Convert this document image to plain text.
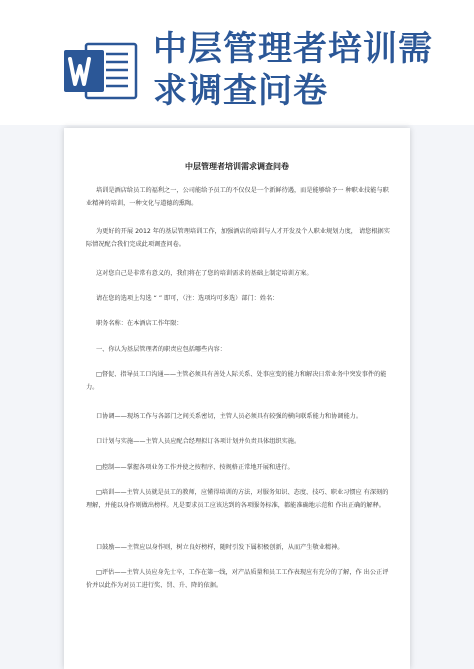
中层管理者培训需
求调查问卷
中层管理者培训需求调查问卷
培训是酒店给员工的福利之一，公司能给予员工的不仅仅是一个新鲜待遇，而是能够给予一 种职业技能与职业精神的培训，一种文化与道德的熏陶。
为更好的开展 2012 年的基层管理培训工作，加强酒店的培训与人才开发及个人职业规划力度， 请您根据实际情况配合我们完成此项调查问卷。
这对您自己是非常有意义的，我们将在了您的培训需求的基础上制定培训方案。
请在您的选项上勾选 “ ” 即可，（注：选项均可多选）部门：姓名：
职务名称：在本酒店工作年限：
一、你认为基层管理者的职责应包括哪些内容：
□督促、指导员工口沟通——主管必须具有善处人际关系、处事应变的能力和解决日常业务中突发事件的能力。
口协调——现场工作与各部门之间关系密切，主管人员必须具有较强的横向联系能力和协调能力。
口计划与实施——主管人员应配合经理拟订各项计划并负责具体组织实施。
□控制——掌握各项业务工作并使之按程序、按规格正常地开展和进行。
□培训——主管人员就是员工的教师，应懂得培训的方法，对服务知识、态度、技巧、职业习惯应 有深刻的理解，并能以身作则做出榜样。凡是要求员工应该达到的各项服务标准，都能准确地示范和 作出正确的解释。
口鼓励——主管应以身作则，树立良好榜样，随时引发下属积极创新，从而产生敬业精神。
□评估——主管人员应身先士卒，工作在第一线，对产品质量和员工工作表现应有充分的了解，作 出公正评价并以此作为对员工进行奖、罚、升、降的依据。
